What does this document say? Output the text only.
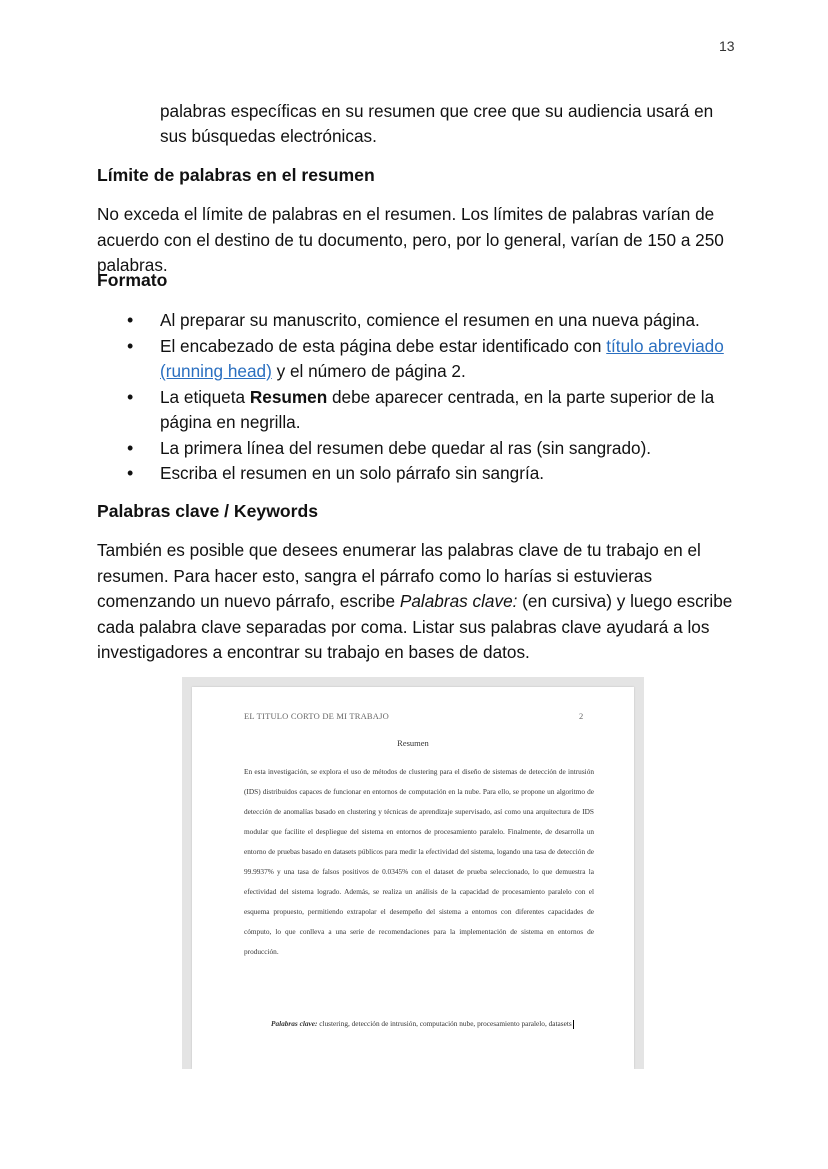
13

palabras específicas en su resumen que cree que su audiencia usará en sus búsquedas electrónicas.

Límite de palabras en el resumen

No exceda el límite de palabras en el resumen. Los límites de palabras varían de acuerdo con el destino de tu documento, pero, por lo general, varían de 150 a 250 palabras.

Formato
•	Al preparar su manuscrito, comience el resumen en una nueva página.
•	El encabezado de esta página debe estar identificado con título abreviado (running head) y el número de página 2.
•	La etiqueta Resumen debe aparecer centrada, en la parte superior de la página en negrilla.
•	La primera línea del resumen debe quedar al ras (sin sangrado).
•	Escriba el resumen en un solo párrafo sin sangría.
Palabras clave / Keywords

También es posible que desees enumerar las palabras clave de tu trabajo en el resumen. Para hacer esto, sangra el párrafo como lo harías si estuvieras comenzando un nuevo párrafo, escribe Palabras clave: (en cursiva) y luego escribe cada palabra clave separadas por coma. Listar sus palabras clave ayudará a los investigadores a encontrar su trabajo en bases de datos.

EL TITULO CORTO DE MI TRABAJO	2
Resumen

En esta investigación, se explora el uso de métodos de clustering para el diseño de sistemas de detección de intrusión (IDS) distribuidos capaces de funcionar en entornos de computación en la nube. Para ello, se propone un algoritmo de detección de anomalías basado en clustering y técnicas de aprendizaje supervisado, así como una arquitectura de IDS modular que facilite el despliegue del sistema en entornos de procesamiento paralelo. Finalmente, de desarrolla un entorno de pruebas basado en datasets públicos para medir la efectividad del sistema, logando una tasa de detección de 99.9937% y una tasa de falsos positivos de 0.0345% con el dataset de prueba seleccionado, lo que demuestra la efectividad del sistema logrado. Además, se realiza un análisis de la capacidad de procesamiento paralelo con el esquema propuesto, permitiendo extrapolar el desempeño del sistema a entornos con diferentes capacidades de cómputo, lo que conlleva a una serie de recomendaciones para la implementación de sistema en entornos de producción.

Palabras clave: clustering, detección de intrusión, computación nube, procesamiento paralelo, datasets
